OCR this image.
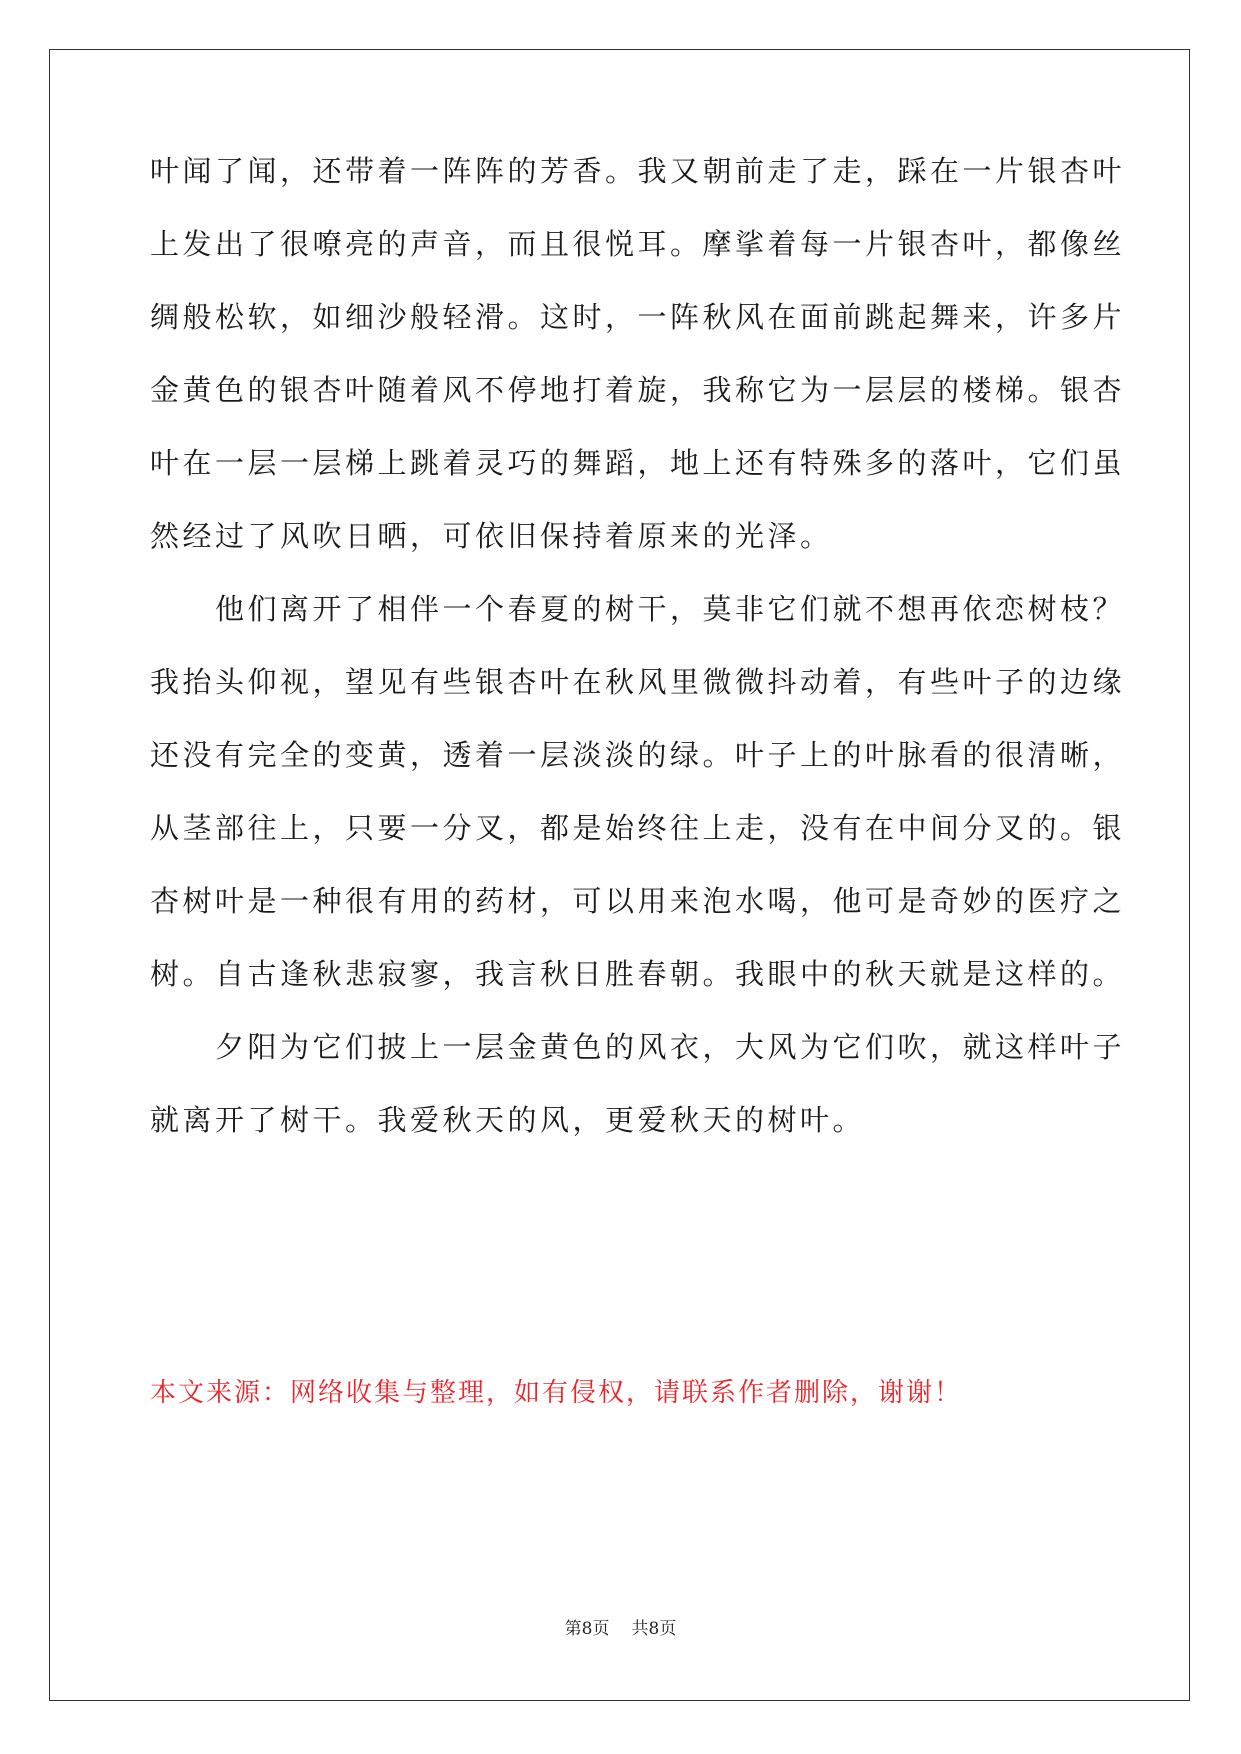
叶闻了闻，还带着一阵阵的芳香。我又朝前走了走，踩在一片银杏叶
上发出了很嘹亮的声音，而且很悦耳。摩挲着每一片银杏叶，都像丝
绸般松软，如细沙般轻滑。这时，一阵秋风在面前跳起舞来，许多片
金黄色的银杏叶随着风不停地打着旋，我称它为一层层的楼梯。银杏
叶在一层一层梯上跳着灵巧的舞蹈，地上还有特殊多的落叶，它们虽
然经过了风吹日晒，可依旧保持着原来的光泽。
他们离开了相伴一个春夏的树干，莫非它们就不想再依恋树枝？
我抬头仰视，望见有些银杏叶在秋风里微微抖动着，有些叶子的边缘
还没有完全的变黄，透着一层淡淡的绿。叶子上的叶脉看的很清晰，
从茎部往上，只要一分叉，都是始终往上走，没有在中间分叉的。银
杏树叶是一种很有用的药材，可以用来泡水喝，他可是奇妙的医疗之
树。自古逢秋悲寂寥，我言秋日胜春朝。我眼中的秋天就是这样的。
夕阳为它们披上一层金黄色的风衣，大风为它们吹，就这样叶子
就离开了树干。我爱秋天的风，更爱秋天的树叶。
本文来源：网络收集与整理，如有侵权，请联系作者删除，谢谢！
第8页 共8页
